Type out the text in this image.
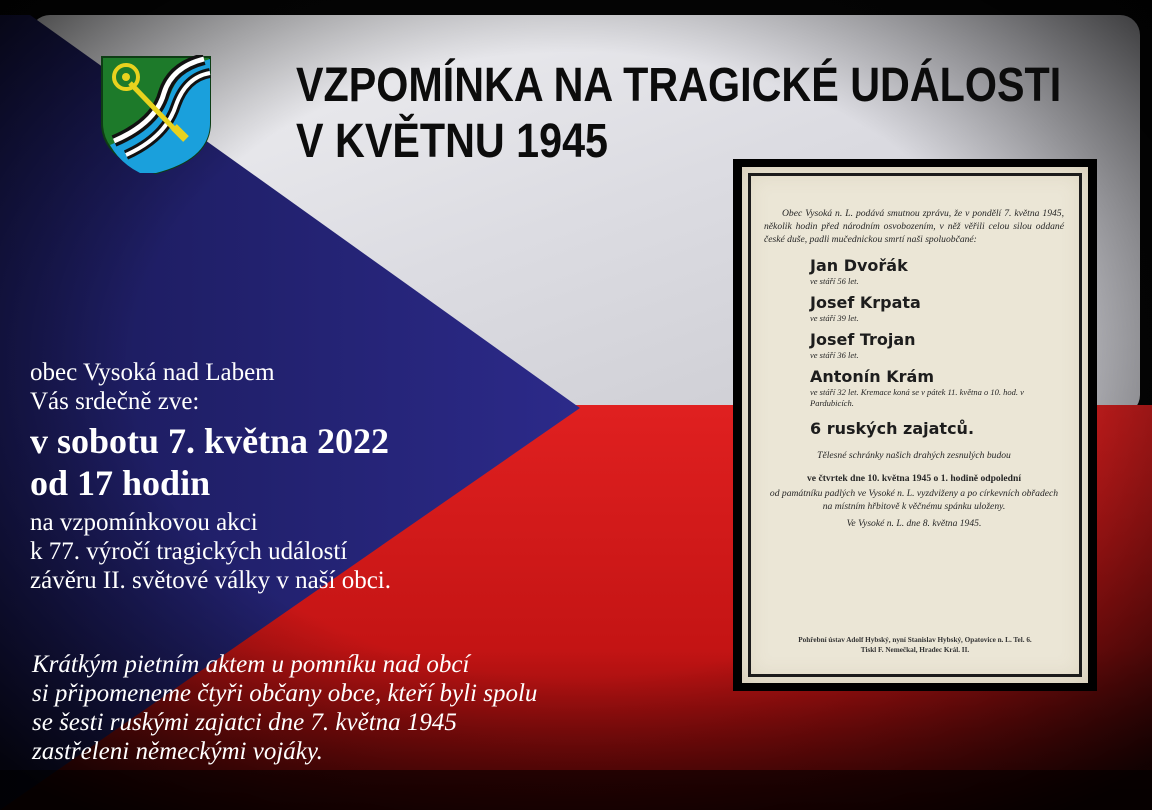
VZPOMÍNKA NA TRAGICKÉ UDÁLOSTI
V KVĚTNU 1945
obec Vysoká nad Labem
Vás srdečně zve:
v sobotu 7. května 2022
od 17 hodin
na vzpomínkovou akci
k 77. výročí tragických událostí
závěru II. světové války v naší obci.
Krátkým pietním aktem u pomníku nad obcí
si připomeneme čtyři občany obce, kteří byli spolu
se šesti ruskými zajatci dne 7. května 1945
zastřeleni německými vojáky.

Obec Vysoká n. L. podává smutnou zprávu, že v pondělí 7. května 1945, několik hodin před národním osvobozením, v něž věřili celou silou oddané české duše, padli mučednickou smrtí naši spoluobčané:

Jan Dvořák

ve stáří 56 let.

Josef Krpata

ve stáří 39 let.

Josef Trojan

ve stáří 36 let.

Antonín Krám

ve stáří 32 let. Kremace koná se v pátek 11. května o 10. hod. v Pardubicích.

6 ruských zajatců.

Tělesné schránky našich drahých zesnulých budou

ve čtvrtek dne 10. května 1945 o 1. hodině odpolední

od památníku padlých ve Vysoké n. L. vyzdviženy a po církevních obřadech na místním hřbitově k věčnému spánku uloženy.

Ve Vysoké n. L. dne 8. května 1945.

Pohřební ústav Adolf Hybský, nyní Stanislav Hybský, Opatovice n. L. Tel. 6.
Tiskl F. Nemečkal, Hradec Král. II.
